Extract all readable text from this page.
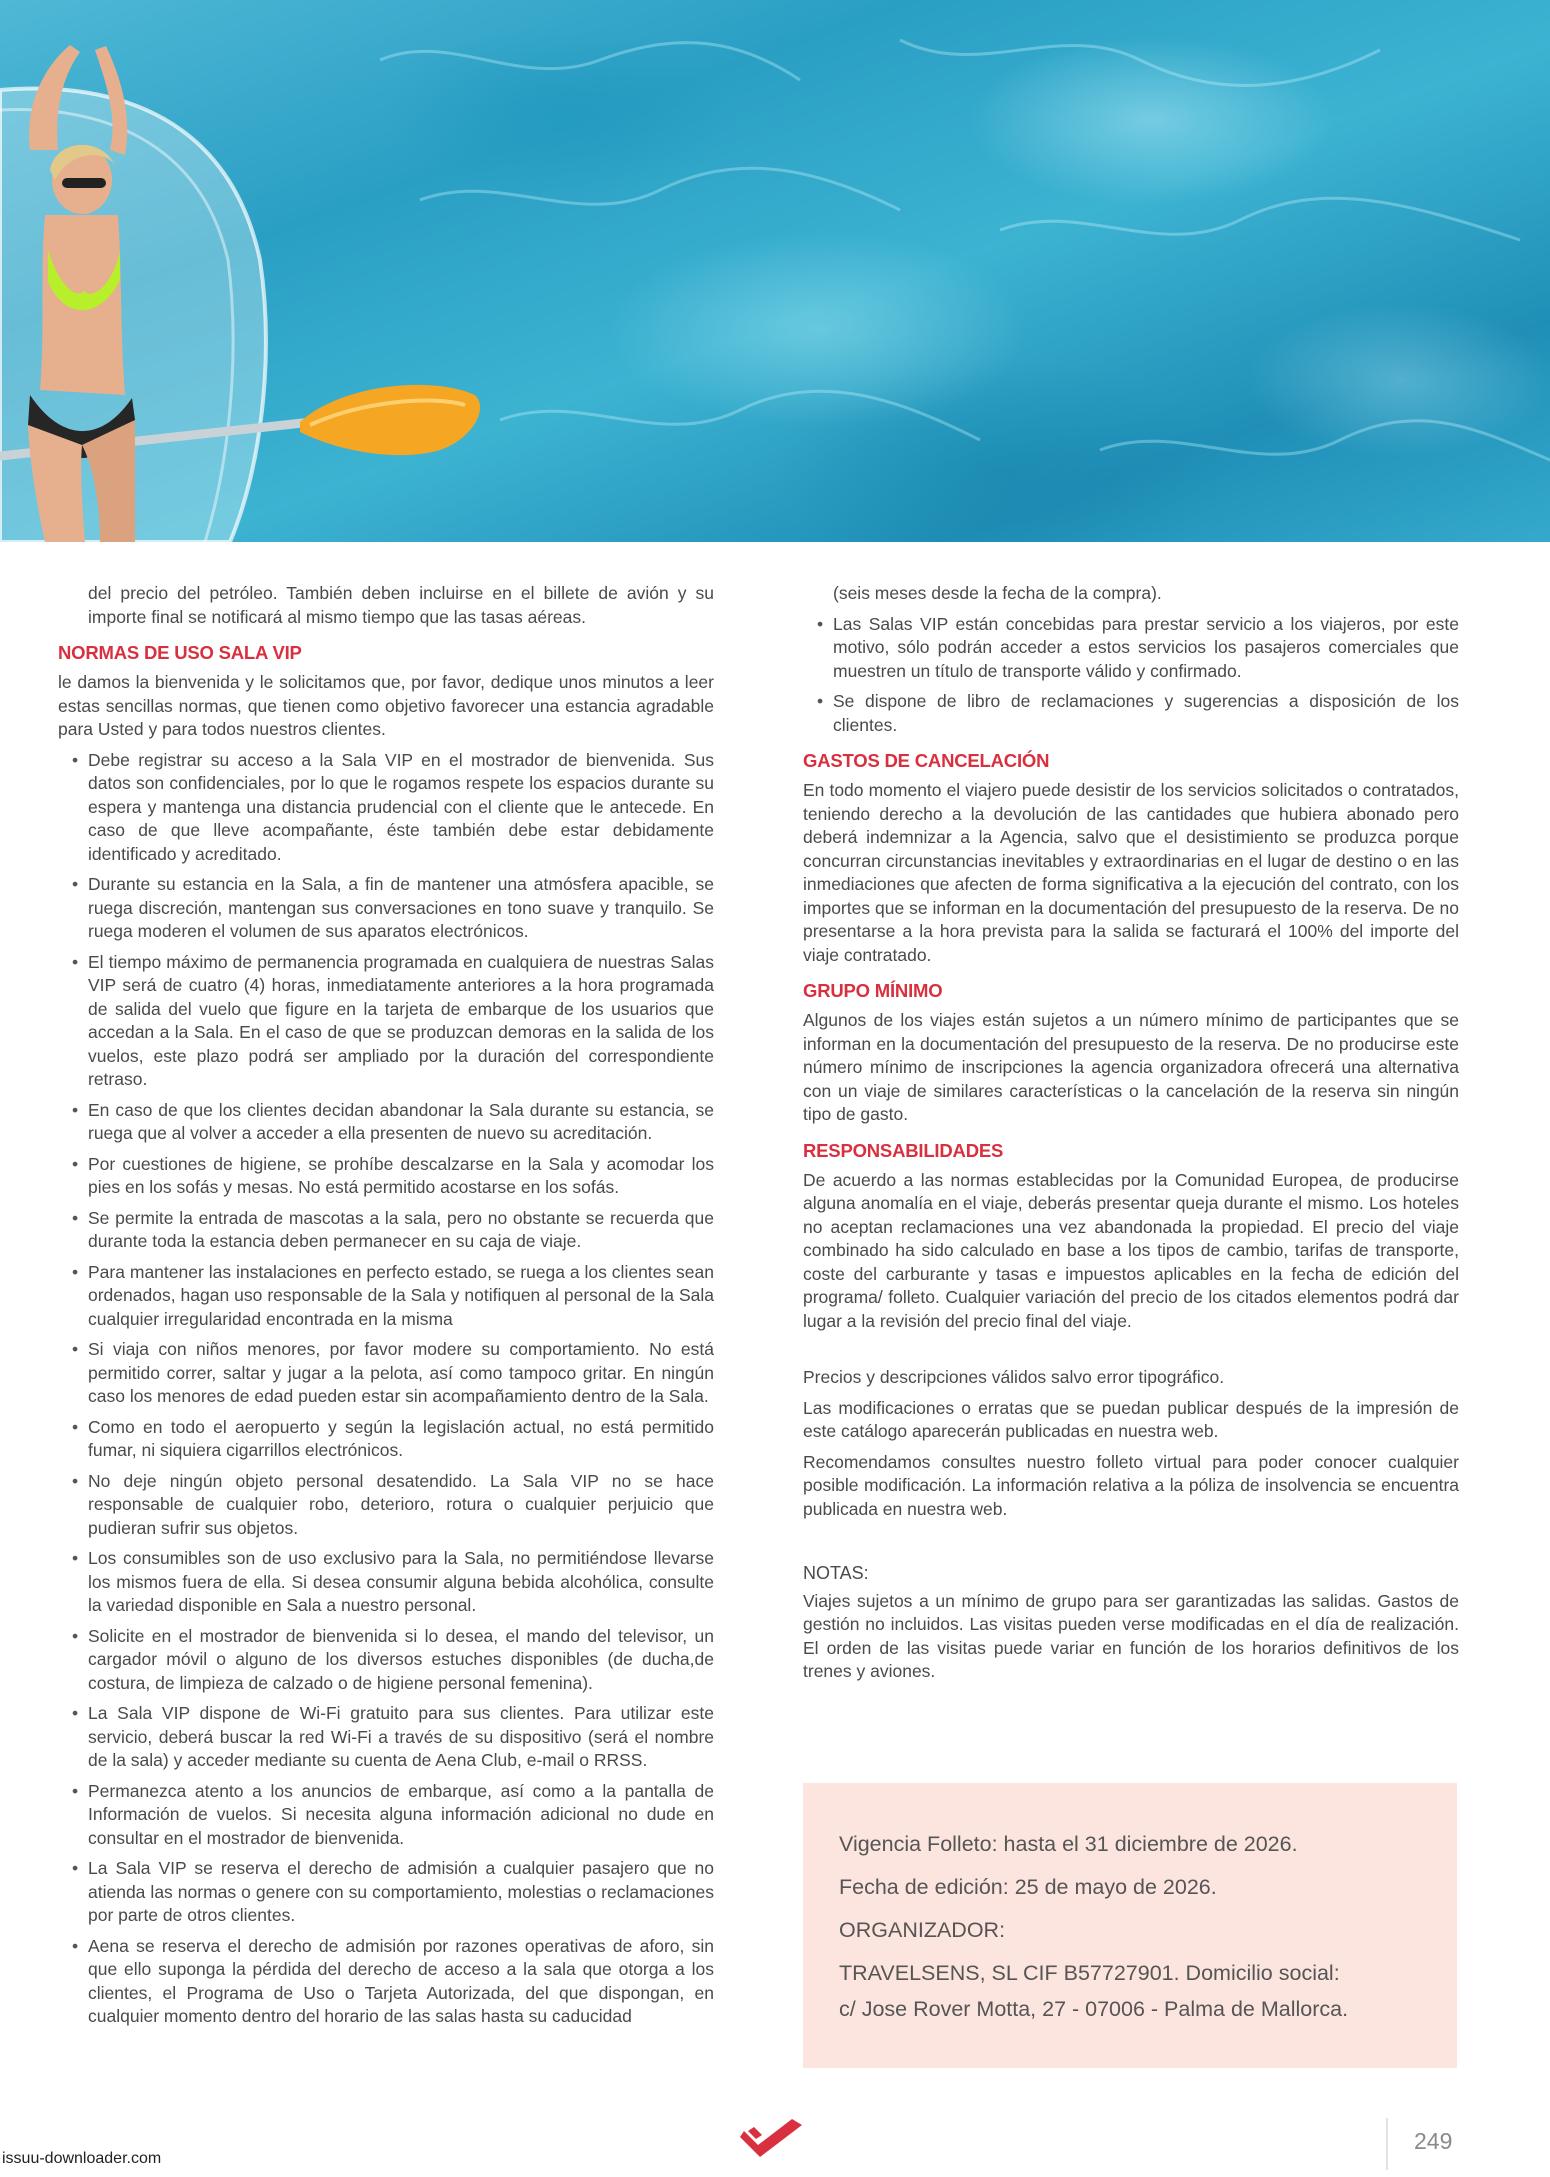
del precio del petróleo. También deben incluirse en el billete de avión y su importe final se notificará al mismo tiempo que las tasas aéreas.

NORMAS DE USO SALA VIP

le damos la bienvenida y le solicitamos que, por favor, dedique unos minutos a leer estas sencillas normas, que tienen como objetivo favorecer una estancia agradable para Usted y para todos nuestros clientes.

• Debe registrar su acceso a la Sala VIP en el mostrador de bienvenida. Sus datos son confidenciales, por lo que le rogamos respete los espacios durante su espera y mantenga una distancia prudencial con el cliente que le antecede. En caso de que lleve acompañante, éste también debe estar debidamente identificado y acreditado.
• Durante su estancia en la Sala, a fin de mantener una atmósfera apacible, se ruega discreción, mantengan sus conversaciones en tono suave y tranquilo. Se ruega moderen el volumen de sus aparatos electrónicos.
• El tiempo máximo de permanencia programada en cualquiera de nuestras Salas VIP será de cuatro (4) horas, inmediatamente anteriores a la hora programada de salida del vuelo que figure en la tarjeta de embarque de los usuarios que accedan a la Sala. En el caso de que se produzcan demoras en la salida de los vuelos, este plazo podrá ser ampliado por la duración del correspondiente retraso.
• En caso de que los clientes decidan abandonar la Sala durante su estancia, se ruega que al volver a acceder a ella presenten de nuevo su acreditación.
• Por cuestiones de higiene, se prohíbe descalzarse en la Sala y acomodar los pies en los sofás y mesas. No está permitido acostarse en los sofás.
• Se permite la entrada de mascotas a la sala, pero no obstante se recuerda que durante toda la estancia deben permanecer en su caja de viaje.
• Para mantener las instalaciones en perfecto estado, se ruega a los clientes sean ordenados, hagan uso responsable de la Sala y notifiquen al personal de la Sala cualquier irregularidad encontrada en la misma
• Si viaja con niños menores, por favor modere su comportamiento. No está permitido correr, saltar y jugar a la pelota, así como tampoco gritar. En ningún caso los menores de edad pueden estar sin acompañamiento dentro de la Sala.
• Como en todo el aeropuerto y según la legislación actual, no está permitido fumar, ni siquiera cigarrillos electrónicos.
• No deje ningún objeto personal desatendido. La Sala VIP no se hace responsable de cualquier robo, deterioro, rotura o cualquier perjuicio que pudieran sufrir sus objetos.
• Los consumibles son de uso exclusivo para la Sala, no permitiéndose llevarse los mismos fuera de ella. Si desea consumir alguna bebida alcohólica, consulte la variedad disponible en Sala a nuestro personal.
• Solicite en el mostrador de bienvenida si lo desea, el mando del televisor, un cargador móvil o alguno de los diversos estuches disponibles (de ducha,de costura, de limpieza de calzado o de higiene personal femenina).
• La Sala VIP dispone de Wi-Fi gratuito para sus clientes. Para utilizar este servicio, deberá buscar la red Wi-Fi a través de su dispositivo (será el nombre de la sala) y acceder mediante su cuenta de Aena Club, e-mail o RRSS.
• Permanezca atento a los anuncios de embarque, así como a la pantalla de Información de vuelos. Si necesita alguna información adicional no dude en consultar en el mostrador de bienvenida.
• La Sala VIP se reserva el derecho de admisión a cualquier pasajero que no atienda las normas o genere con su comportamiento, molestias o reclamaciones por parte de otros clientes.
• Aena se reserva el derecho de admisión por razones operativas de aforo, sin que ello suponga la pérdida del derecho de acceso a la sala que otorga a los clientes, el Programa de Uso o Tarjeta Autorizada, del que dispongan, en cualquier momento dentro del horario de las salas hasta su caducidad

(seis meses desde la fecha de la compra).

• Las Salas VIP están concebidas para prestar servicio a los viajeros, por este motivo, sólo podrán acceder a estos servicios los pasajeros comerciales que muestren un título de transporte válido y confirmado.
• Se dispone de libro de reclamaciones y sugerencias a disposición de los clientes.
GASTOS DE CANCELACIÓN

En todo momento el viajero puede desistir de los servicios solicitados o contratados, teniendo derecho a la devolución de las cantidades que hubiera abonado pero deberá indemnizar a la Agencia, salvo que el desistimiento se produzca porque concurran circunstancias inevitables y extraordinarias en el lugar de destino o en las inmediaciones que afecten de forma significativa a la ejecución del contrato, con los importes que se informan en la documentación del presupuesto de la reserva. De no presentarse a la hora prevista para la salida se facturará el 100% del importe del viaje contratado.

GRUPO MÍNIMO

Algunos de los viajes están sujetos a un número mínimo de participantes que se informan en la documentación del presupuesto de la reserva. De no producirse este número mínimo de inscripciones la agencia organizadora ofrecerá una alternativa con un viaje de similares características o la cancelación de la reserva sin ningún tipo de gasto.

RESPONSABILIDADES

De acuerdo a las normas establecidas por la Comunidad Europea, de producirse alguna anomalía en el viaje, deberás presentar queja durante el mismo. Los hoteles no aceptan reclamaciones una vez abandonada la propiedad. El precio del viaje combinado ha sido calculado en base a los tipos de cambio, tarifas de transporte, coste del carburante y tasas e impuestos aplicables en la fecha de edición del programa/ folleto. Cualquier variación del precio de los citados elementos podrá dar lugar a la revisión del precio final del viaje.

Precios y descripciones válidos salvo error tipográfico.

Las modificaciones o erratas que se puedan publicar después de la impresión de este catálogo aparecerán publicadas en nuestra web.

Recomendamos consultes nuestro folleto virtual para poder conocer cualquier posible modificación. La información relativa a la póliza de insolvencia se encuentra publicada en nuestra web.

NOTAS:

Viajes sujetos a un mínimo de grupo para ser garantizadas las salidas. Gastos de gestión no incluidos. Las visitas pueden verse modificadas en el día de realización. El orden de las visitas puede variar en función de los horarios definitivos de los trenes y aviones.

Vigencia Folleto: hasta el 31 diciembre de 2026.

Fecha de edición: 25 de mayo de 2026.

ORGANIZADOR:

TRAVELSENS, SL CIF B57727901. Domicilio social:

c/ Jose Rover Motta, 27 - 07006 - Palma de Mallorca.

249
issuu-downloader.com
